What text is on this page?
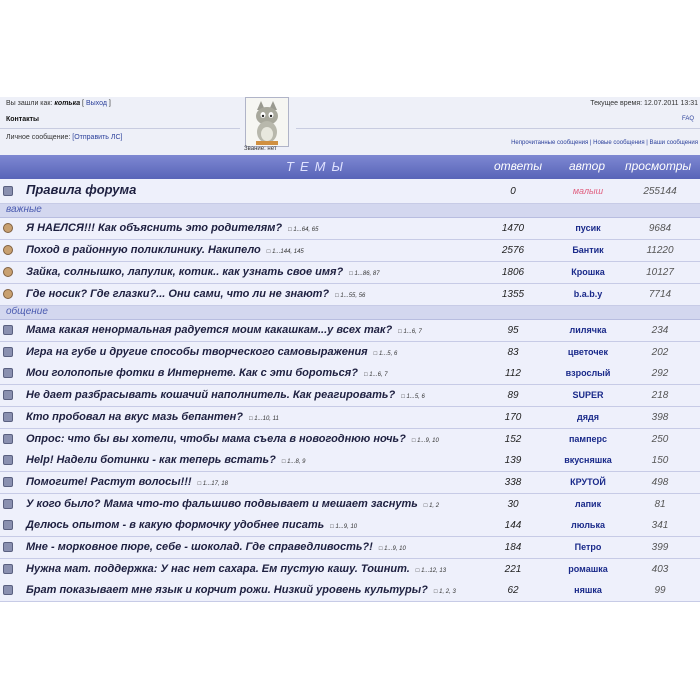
Вы зашли как: котька [ Выход ]
Контакты
Личное сообщение: [Отправить ЛС]
Звание: нет
Текущее время: 12.07.2011 13:31
FAQ
Непрочитанные сообщения | Новые сообщения | Ваши сообщения
ТЕМЫ	ответы автор просмотры
Правила форума	0	малыш	255144
важные
Я НАЕЛСЯ!!! Как объяснить это родителям? □ 1...64, 65	1470	пусик	9684
Поход в районную поликлинику. Накипело □ 1...144, 145	2576	Бантик	11220
Зайка, солнышко, лапулик, котик.. как узнать свое имя? □ 1...86, 87	1806	Крошка	10127
Где носик? Где глазки?... Они сами, что ли не знают? □ 1...55, 56	1355	b.a.b.y	7714
общение
Мама какая ненормальная радуется моим какашкам...у всех так? □ 1...6, 7	95	лилячка	234
Игра на губе и другие способы творческого самовыражения □ 1...5, 6	83	цветочек	202
Мои голопопые фотки в Интернете. Как с эти бороться? □ 1...6, 7	112	взрослый	292
Не дает разбрасывать кошачий наполнитель. Как реагировать? □ 1...5, 6	89	SUPER	218
Кто пробовал на вкус мазь бепантен? □ 1...10, 11	170	дядя	398
Опрос: что бы вы хотели, чтобы мама съела в новогоднюю ночь? □ 1...9, 10	152	памперс	250
Help! Надели ботинки - как теперь встать? □ 1...8, 9	139	вкусняшка	150
Помогите! Растут волосы!!! □ 1...17, 18	338	КРУТОЙ	498
У кого было? Мама что-то фальшиво подвывает и мешает заснуть □ 1, 2	30	лапик	81
Делюсь опытом - в какую формочку удобнее писать □ 1...9, 10	144	люлька	341
Мне - морковное пюре, себе - шоколад. Где справедливость?! □ 1...9, 10	184	Петро	399
Нужна мат. поддержка: У нас нет сахара. Ем пустую кашу. Тошнит. □ 1...12, 13	221	ромашка	403
Брат показывает мне язык и корчит рожи. Низкий уровень культуры? □ 1, 2, 3	62	няшка	99
